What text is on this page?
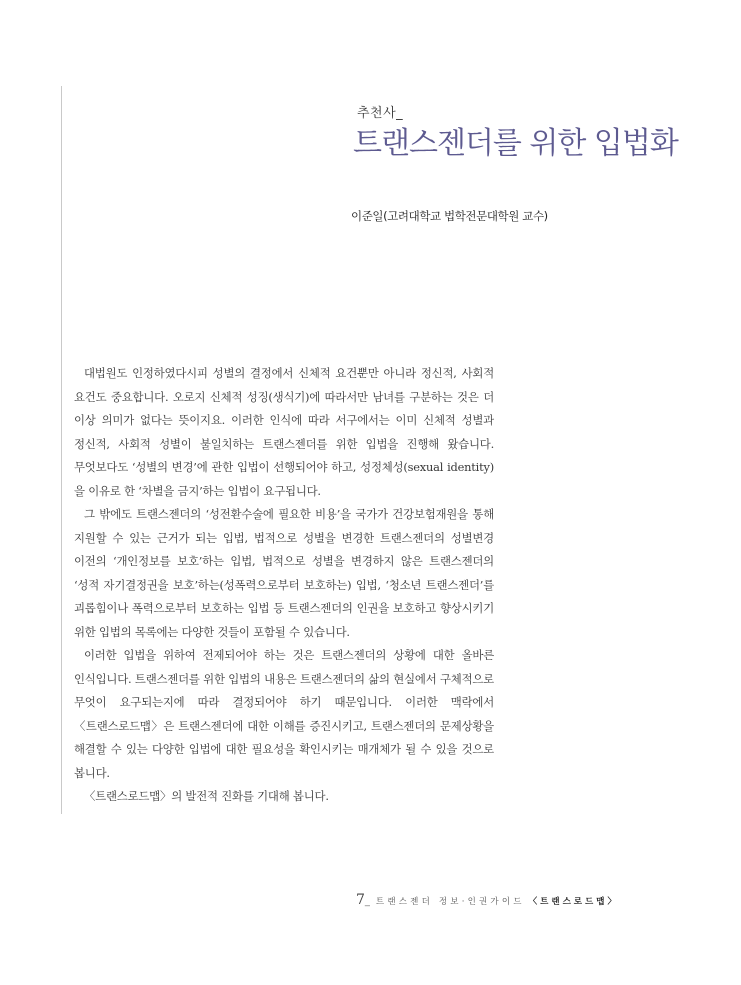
추천사_
트랜스젠더를 위한 입법화
이준일(고려대학교 법학전문대학원 교수)

대법원도 인정하였다시피 성별의 결정에서 신체적 요건뿐만 아니라 정신적, 사회적 요건도 중요합니다. 오로지 신체적 성징(생식기)에 따라서만 남녀를 구분하는 것은 더 이상 의미가 없다는 뜻이지요. 이러한 인식에 따라 서구에서는 이미 신체적 성별과 정신적, 사회적 성별이 불일치하는 트랜스젠더를 위한 입법을 진행해 왔습니다. 무엇보다도 ‘성별의 변경’에 관한 입법이 선행되어야 하고, 성정체성(sexual identity)을 이유로 한 ‘차별을 금지’하는 입법이 요구됩니다.

그 밖에도 트랜스젠더의 ‘성전환수술에 필요한 비용’을 국가가 건강보험재원을 통해 지원할 수 있는 근거가 되는 입법, 법적으로 성별을 변경한 트랜스젠더의 성별변경 이전의 ‘개인정보를 보호’하는 입법, 법적으로 성별을 변경하지 않은 트랜스젠더의 ‘성적 자기결정권을 보호’하는(성폭력으로부터 보호하는) 입법, ‘청소년 트랜스젠더’를 괴롭힘이나 폭력으로부터 보호하는 입법 등 트랜스젠더의 인권을 보호하고 향상시키기 위한 입법의 목록에는 다양한 것들이 포함될 수 있습니다.

이러한 입법을 위하여 전제되어야 하는 것은 트랜스젠더의 상황에 대한 올바른 인식입니다. 트랜스젠더를 위한 입법의 내용은 트랜스젠더의 삶의 현실에서 구체적으로 무엇이 요구되는지에 따라 결정되어야 하기 때문입니다. 이러한 맥락에서 〈트랜스로드맵〉은 트랜스젠더에 대한 이해를 증진시키고, 트랜스젠더의 문제상황을 해결할 수 있는 다양한 입법에 대한 필요성을 확인시키는 매개체가 될 수 있을 것으로 봅니다.

〈트랜스로드맵〉의 발전적 진화를 기대해 봅니다.

7_ 트랜스젠더 정보·인권가이드 〈트랜스로드맵〉
